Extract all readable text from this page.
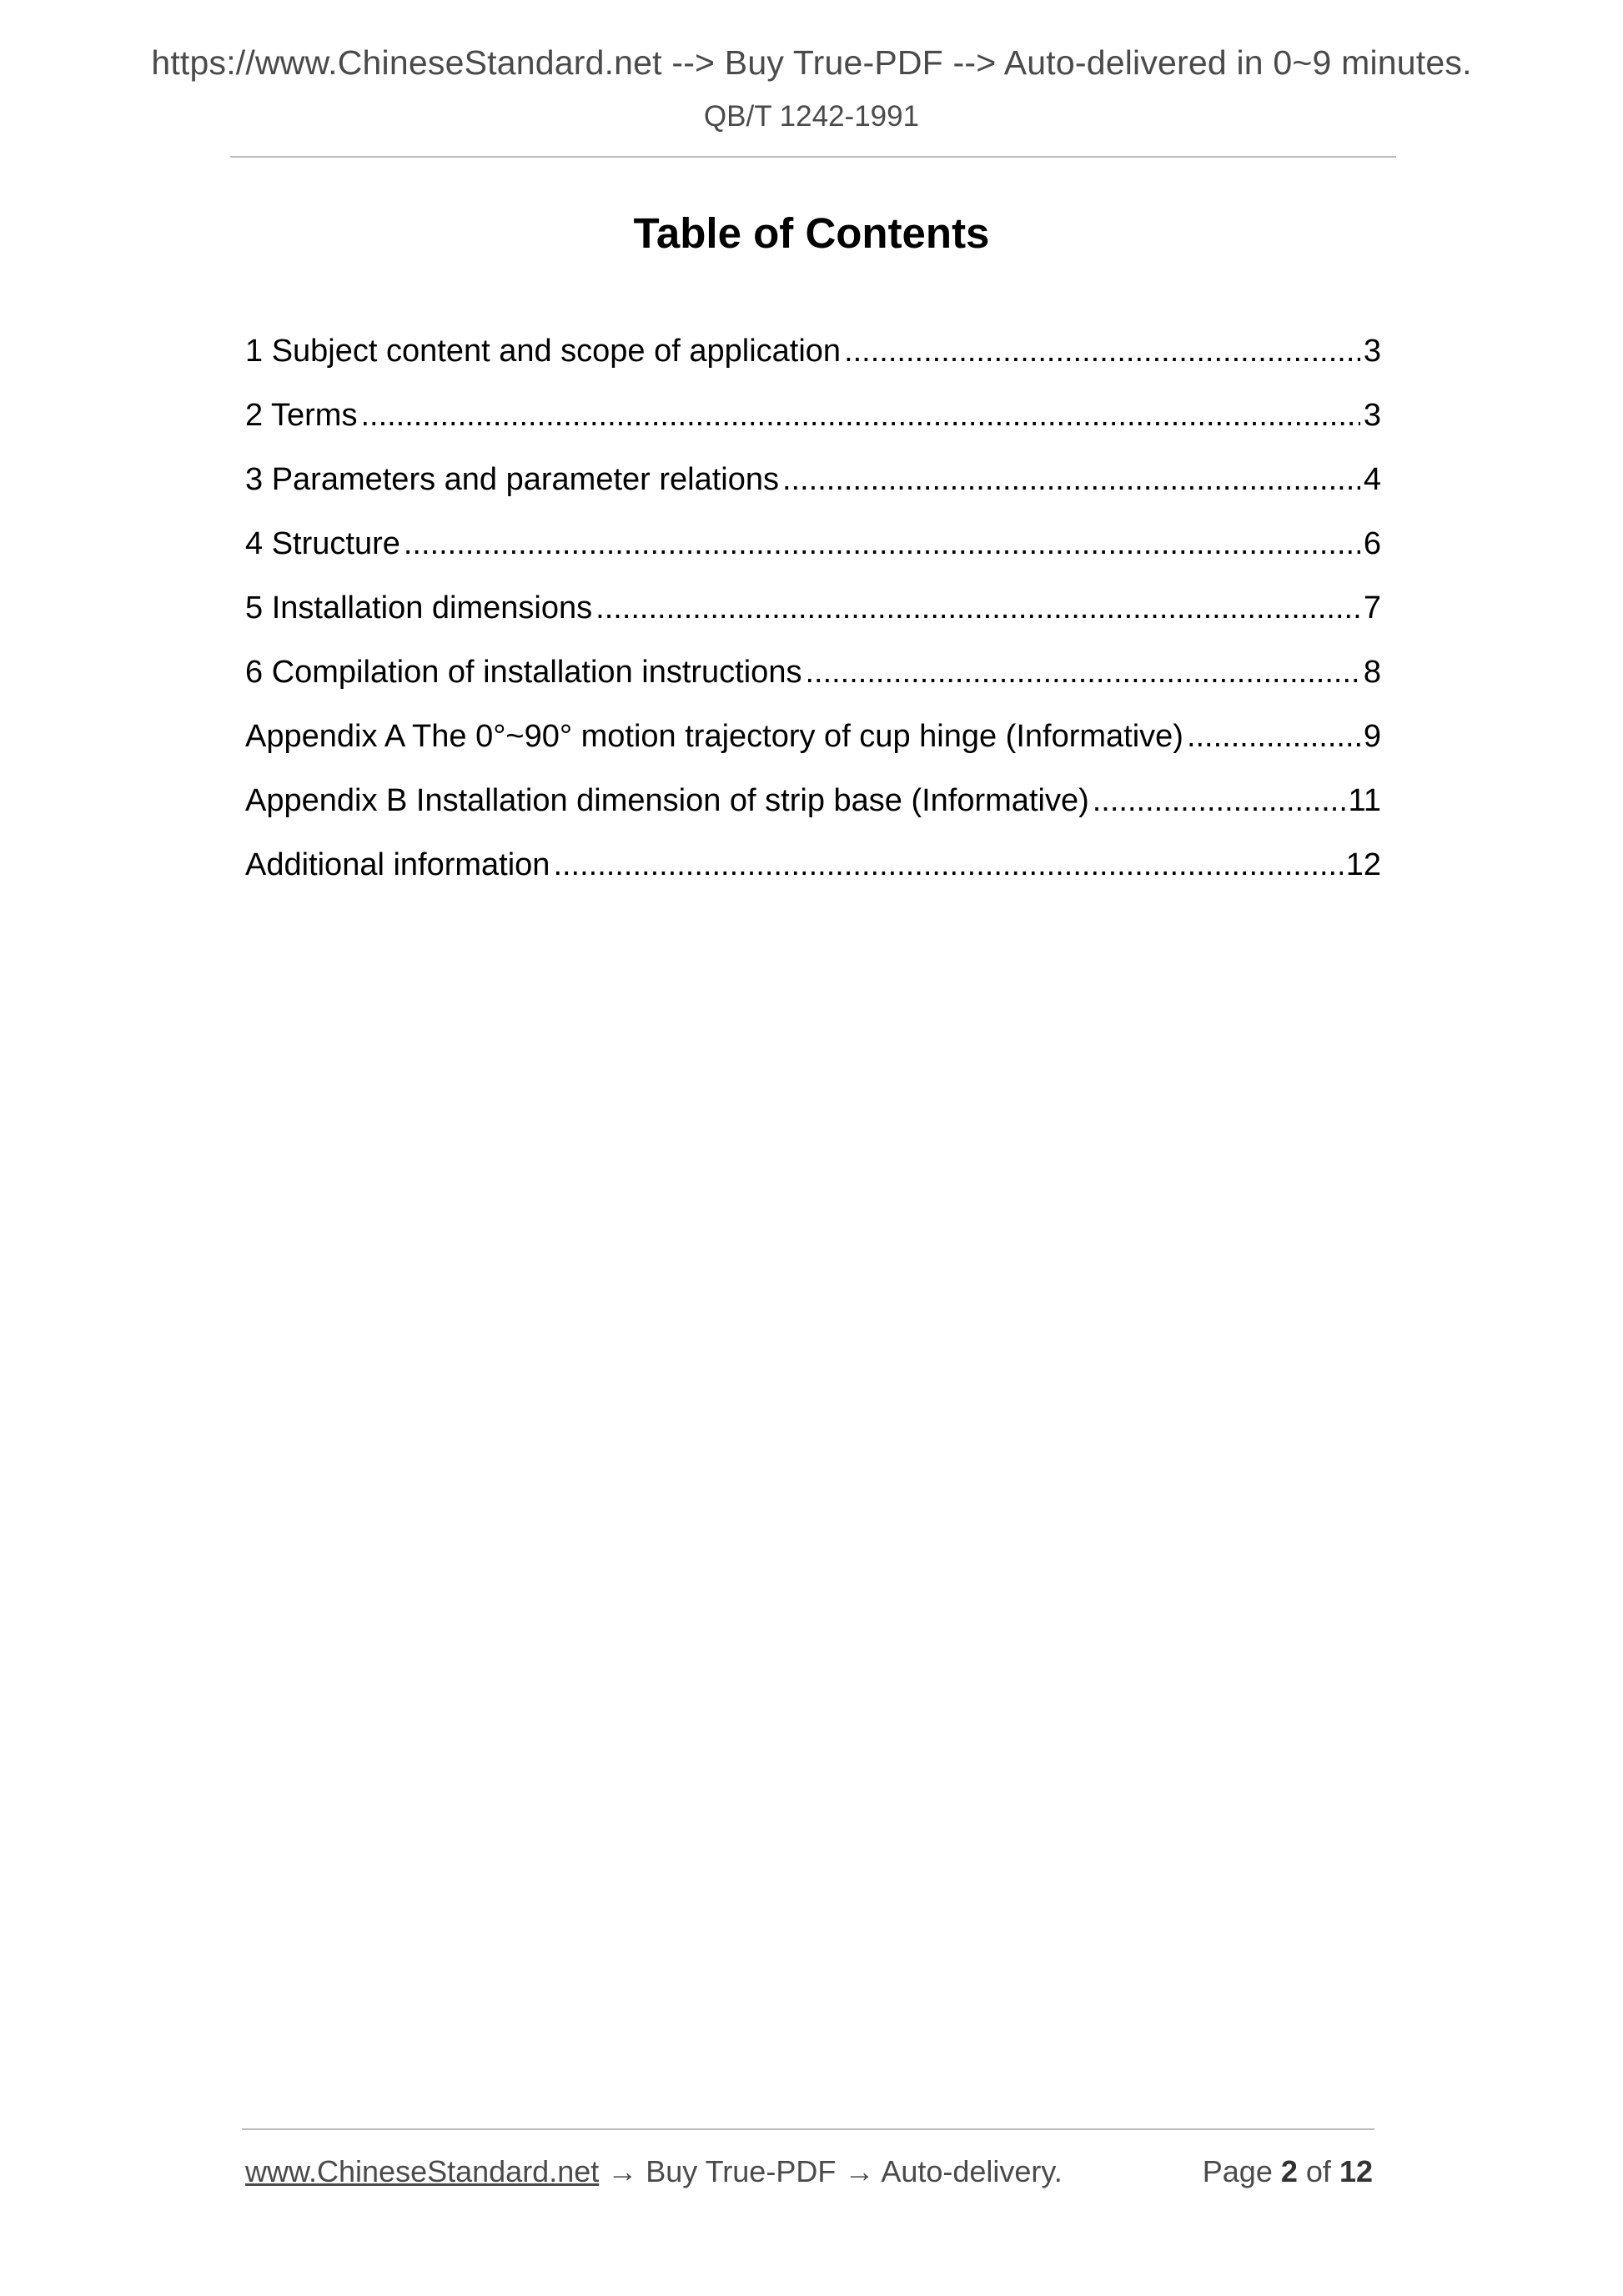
https://www.ChineseStandard.net --> Buy True-PDF --> Auto-delivered in 0~9 minutes.
QB/T 1242-1991
Table of Contents
1 Subject content and scope of application .....	3
2 Terms .....	3
3 Parameters and parameter relations .....	4
4 Structure .....	6
5 Installation dimensions .....	7
6 Compilation of installation instructions .....	8
Appendix A The 0°~90° motion trajectory of cup hinge (Informative) .....	9
Appendix B Installation dimension of strip base (Informative) .....	11
Additional information .....	12
www.ChineseStandard.net → Buy True-PDF → Auto-delivery.	Page 2 of 12
